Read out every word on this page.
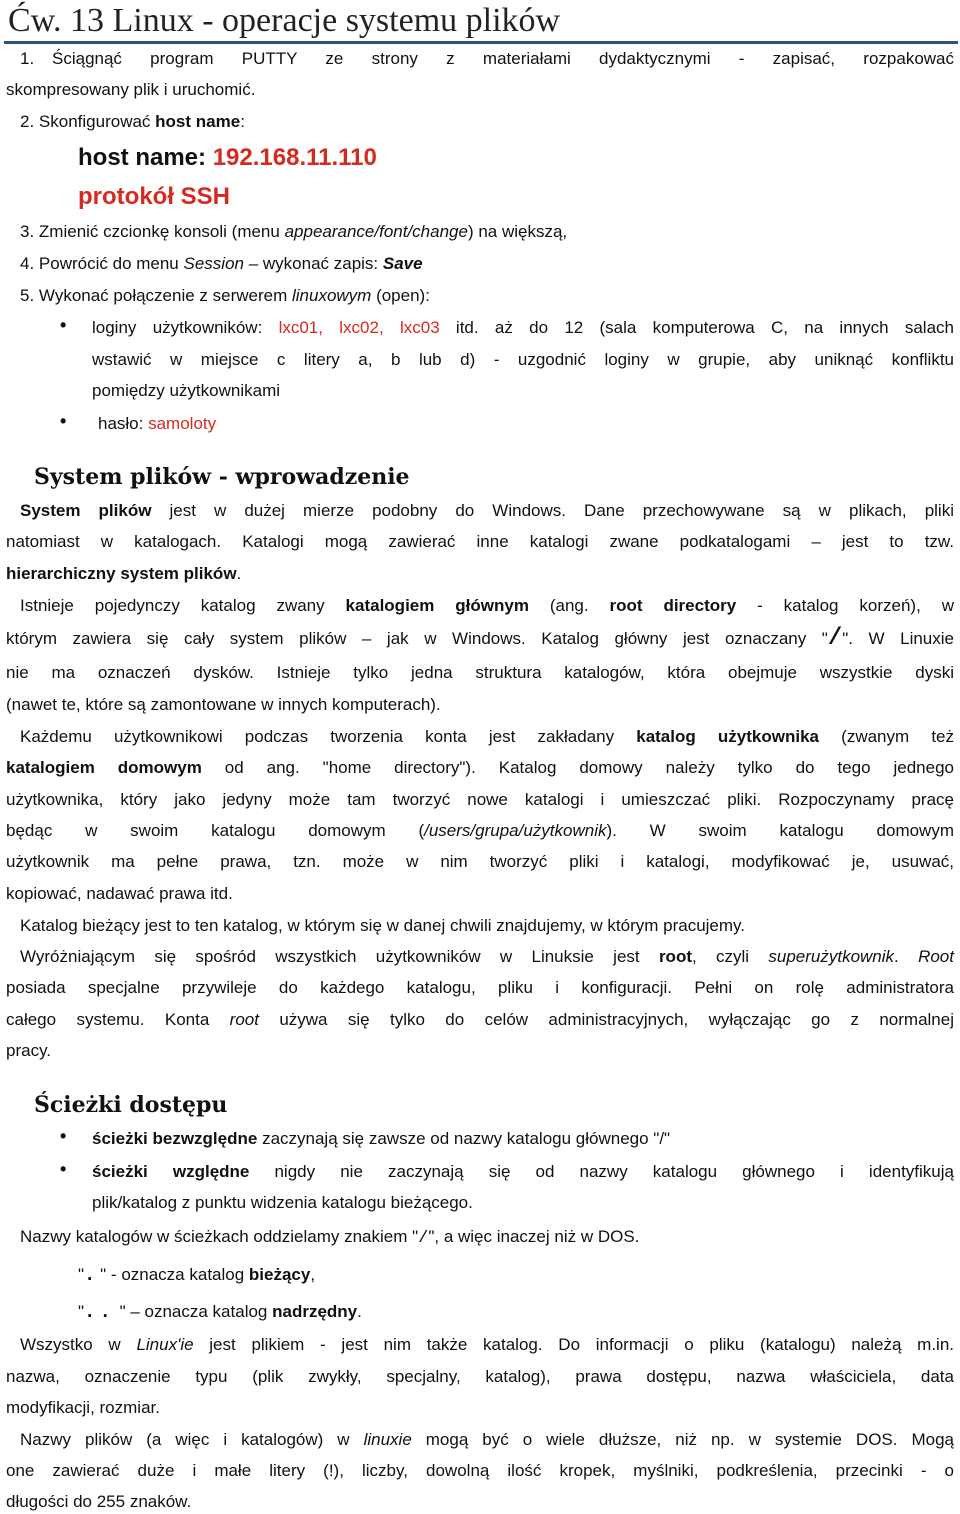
Ćw. 13 Linux - operacje systemu plików
1. Ściągnąć program PUTTY ze strony z materiałami dydaktycznymi - zapisać, rozpakować
skompresowany plik i uruchomić.
2. Skonfigurować host name:
host name: 192.168.11.110
protokół SSH
3. Zmienić czcionkę konsoli (menu appearance/font/change) na większą,
4. Powrócić do menu Session – wykonać zapis: Save
5. Wykonać połączenie z serwerem linuxowym (open):
• loginy użytkowników: lxc01, lxc02, lxc03 itd. aż do 12 (sala komputerowa C, na innych salach
wstawić w miejsce c litery a, b lub d) - uzgodnić loginy w grupie, aby uniknąć konfliktu
pomiędzy użytkownikami
• hasło: samoloty
System plików - wprowadzenie
System plików jest w dużej mierze podobny do Windows. Dane przechowywane są w plikach, pliki
natomiast w katalogach. Katalogi mogą zawierać inne katalogi zwane podkatalogami – jest to tzw.
hierarchiczny system plików.
Istnieje pojedynczy katalog zwany katalogiem głównym (ang. root directory - katalog korzeń), w
którym zawiera się cały system plików – jak w Windows. Katalog główny jest oznaczany "/". W Linuxie
nie ma oznaczeń dysków. Istnieje tylko jedna struktura katalogów, która obejmuje wszystkie dyski
(nawet te, które są zamontowane w innych komputerach).
Każdemu użytkownikowi podczas tworzenia konta jest zakładany katalog użytkownika (zwanym też
katalogiem domowym od ang. "home directory"). Katalog domowy należy tylko do tego jednego
użytkownika, który jako jedyny może tam tworzyć nowe katalogi i umieszczać pliki. Rozpoczynamy pracę
będąc w swoim katalogu domowym (/users/grupa/użytkownik). W swoim katalogu domowym
użytkownik ma pełne prawa, tzn. może w nim tworzyć pliki i katalogi, modyfikować je, usuwać,
kopiować, nadawać prawa itd.
Katalog bieżący jest to ten katalog, w którym się w danej chwili znajdujemy, w którym pracujemy.
Wyróżniającym się spośród wszystkich użytkowników w Linuksie jest root, czyli superużytkownik. Root
posiada specjalne przywileje do każdego katalogu, pliku i konfiguracji. Pełni on rolę administratora
całego systemu. Konta root używa się tylko do celów administracyjnych, wyłączając go z normalnej
pracy.
Ścieżki dostępu
• ścieżki bezwzględne zaczynają się zawsze od nazwy katalogu głównego "/"
• ścieżki względne nigdy nie zaczynają się od nazwy katalogu głównego i identyfikują
plik/katalog z punktu widzenia katalogu bieżącego.
Nazwy katalogów w ścieżkach oddzielamy znakiem "/", a więc inaczej niż w DOS.
". " - oznacza katalog bieżący,
".. " – oznacza katalog nadrzędny.
Wszystko w Linux'ie jest plikiem - jest nim także katalog. Do informacji o pliku (katalogu) należą m.in.
nazwa, oznaczenie typu (plik zwykły, specjalny, katalog), prawa dostępu, nazwa właściciela, data
modyfikacji, rozmiar.
Nazwy plików (a więc i katalogów) w linuxie mogą być o wiele dłuższe, niż np. w systemie DOS. Mogą
one zawierać duże i małe litery (!), liczby, dowolną ilość kropek, myślniki, podkreślenia, przecinki - o
długości do 255 znaków.
